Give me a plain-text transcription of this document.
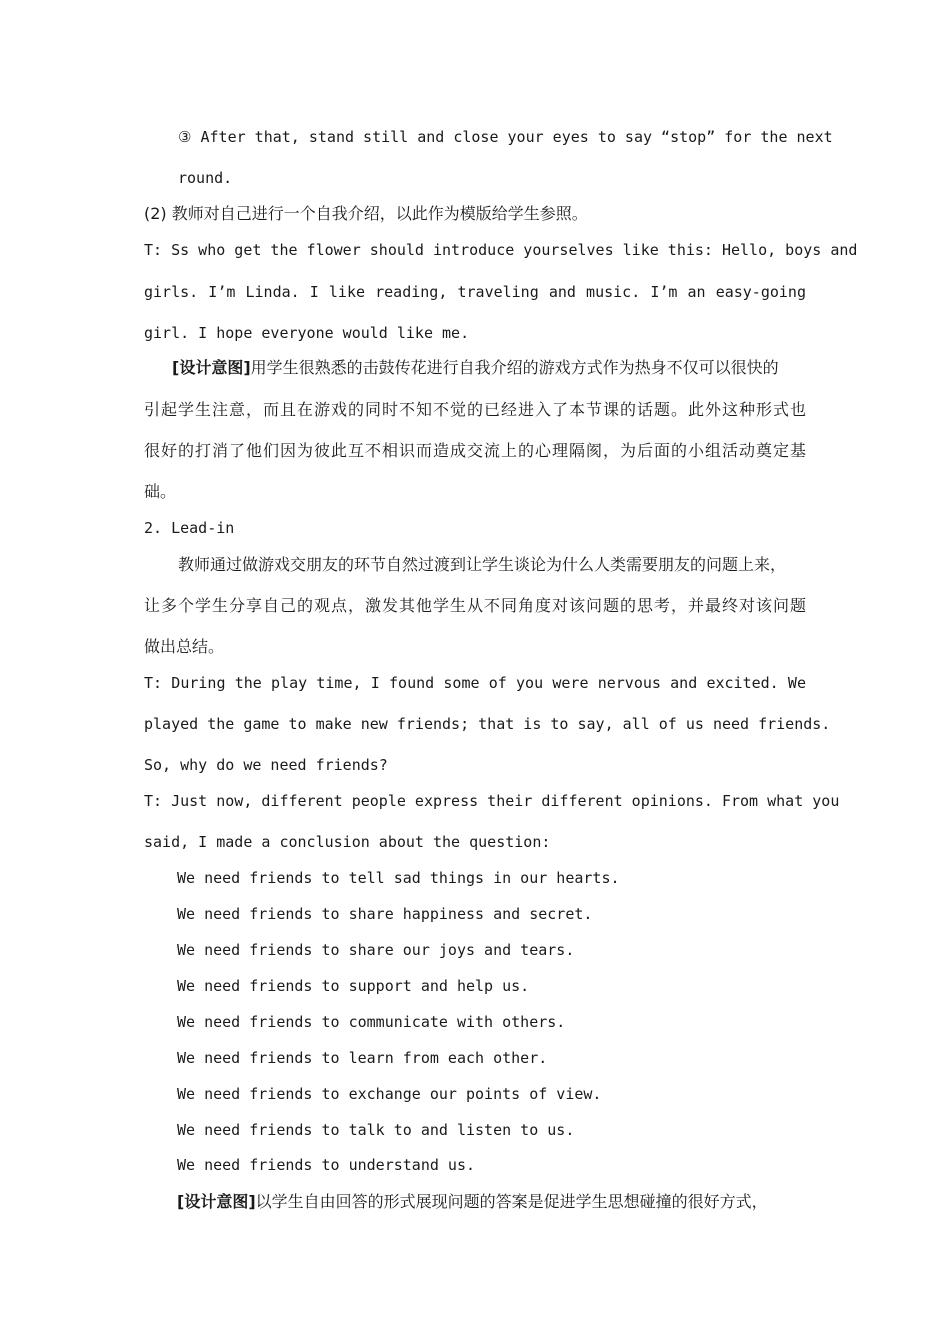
③ After that, stand still and close your eyes to say “stop” for the next
round.
(2) 教师对自己进行一个自我介绍，以此作为模版给学生参照。
T: Ss who get the flower should introduce yourselves like this: Hello, boys and
girls. I’m Linda. I like reading, traveling and music. I’m an easy-going
girl. I hope everyone would like me.
[设计意图]用学生很熟悉的击鼓传花进行自我介绍的游戏方式作为热身不仅可以很快的
引起学生注意，而且在游戏的同时不知不觉的已经进入了本节课的话题。此外这种形式也
很好的打消了他们因为彼此互不相识而造成交流上的心理隔阂，为后面的小组活动奠定基
础。
2. Lead-in
教师通过做游戏交朋友的环节自然过渡到让学生谈论为什么人类需要朋友的问题上来，
让多个学生分享自己的观点，激发其他学生从不同角度对该问题的思考，并最终对该问题
做出总结。
T: During the play time, I found some of you were nervous and excited. We
played the game to make new friends; that is to say, all of us need friends.
So, why do we need friends?
T: Just now, different people express their different opinions. From what you
said, I made a conclusion about the question:
We need friends to tell sad things in our hearts.
We need friends to share happiness and secret.
We need friends to share our joys and tears.
We need friends to support and help us.
We need friends to communicate with others.
We need friends to learn from each other.
We need friends to exchange our points of view.
We need friends to talk to and listen to us.
We need friends to understand us.
[设计意图]以学生自由回答的形式展现问题的答案是促进学生思想碰撞的很好方式，
